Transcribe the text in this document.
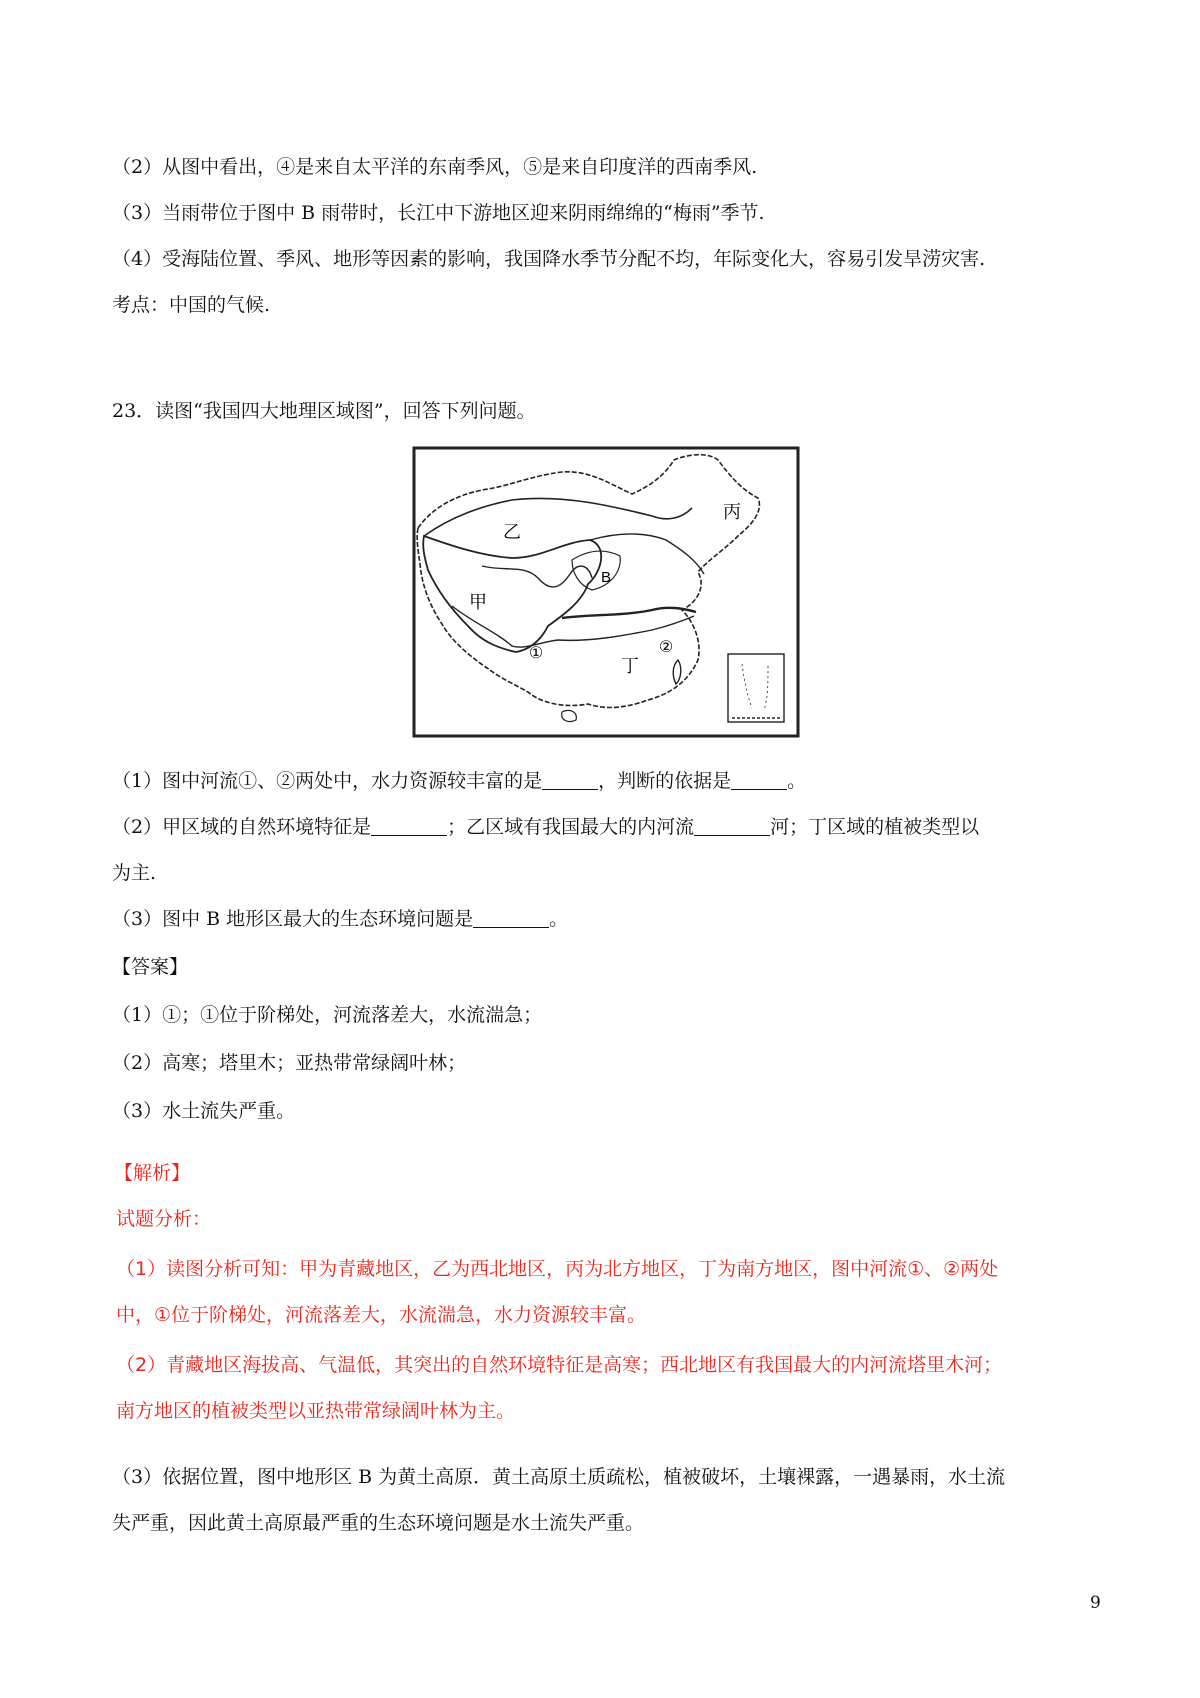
（2）从图中看出，④是来自太平洋的东南季风，⑤是来自印度洋的西南季风.
（3）当雨带位于图中 B 雨带时，长江中下游地区迎来阴雨绵绵的“梅雨”季节.
（4）受海陆位置、季风、地形等因素的影响，我国降水季节分配不均，年际变化大，容易引发旱涝灾害.
考点：中国的气候.
23．读图“我国四大地理区域图”，回答下列问题。
乙
丙
甲
丁
B
①	②
（1）图中河流①、②两处中，水力资源较丰富的是	，判断的依据是	。
（2）甲区域的自然环境特征是	；乙区域有我国最大的内河流	河；丁区域的植被类型以
为主.
（3）图中 B 地形区最大的生态环境问题是	。
【答案】
（1）①；①位于阶梯处，河流落差大，水流湍急；
（2）高寒；塔里木；亚热带常绿阔叶林；
（3）水土流失严重。
【解析】
试题分析：
（1）读图分析可知：甲为青藏地区，乙为西北地区，丙为北方地区，丁为南方地区，图中河流①、②两处
中，①位于阶梯处，河流落差大，水流湍急，水力资源较丰富。
（2）青藏地区海拔高、气温低，其突出的自然环境特征是高寒；西北地区有我国最大的内河流塔里木河；
南方地区的植被类型以亚热带常绿阔叶林为主。
（3）依据位置，图中地形区 B 为黄土高原．黄土高原土质疏松，植被破坏，土壤裸露，一遇暴雨，水土流
失严重，因此黄土高原最严重的生态环境问题是水土流失严重。
9
